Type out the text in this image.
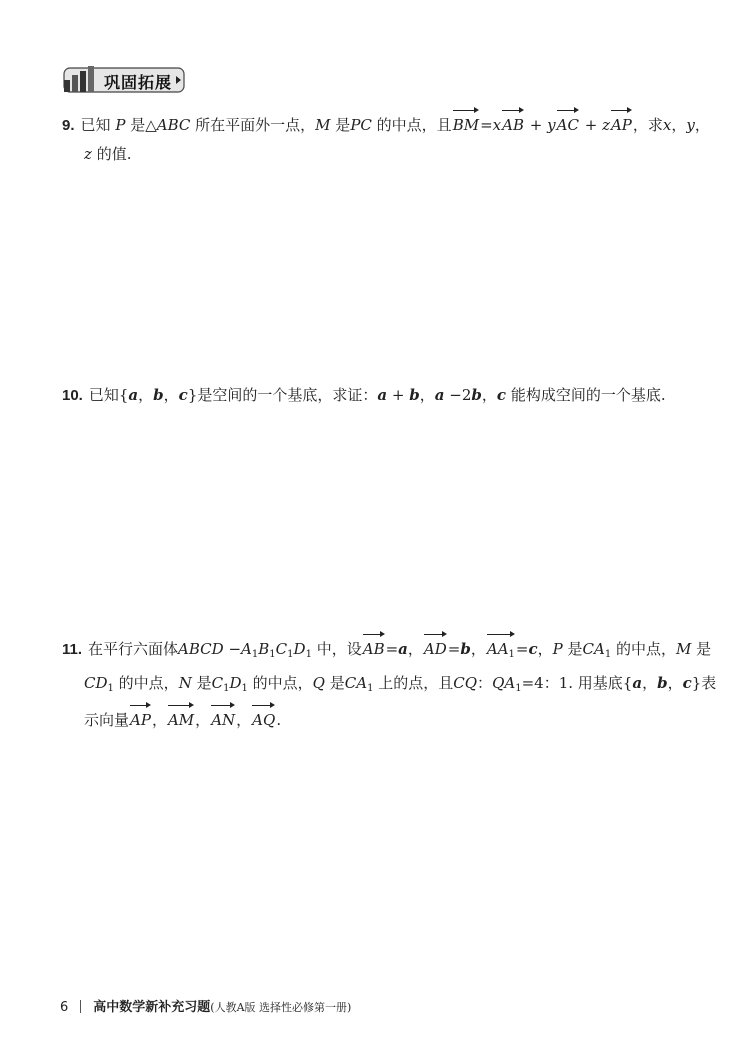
巩固拓展
9. 已知 P 是△ABC 所在平面外一点，M 是PC 的中点，且BM=xAB + yAC + zAP，求x，y，
z 的值.
10. 已知{a，b，c}是空间的一个基底，求证：a + b，a −2b，c 能构成空间的一个基底.
11. 在平行六面体ABCD $-A_1B_1C_1D_1$ 中，设AB=a，AD=b，$AA_1=c$，P 是$CA_1$ 的中点，M 是
$CD_1$ 的中点，N 是$C_1D_1$ 的中点，Q 是$CA_1$ 上的点，且CQ：$QA_1=4$：1. 用基底{a，b，c}表
示向量AP，AM，AN，AQ.
6 高中数学新补充习题(人教A版 选择性必修第一册)
